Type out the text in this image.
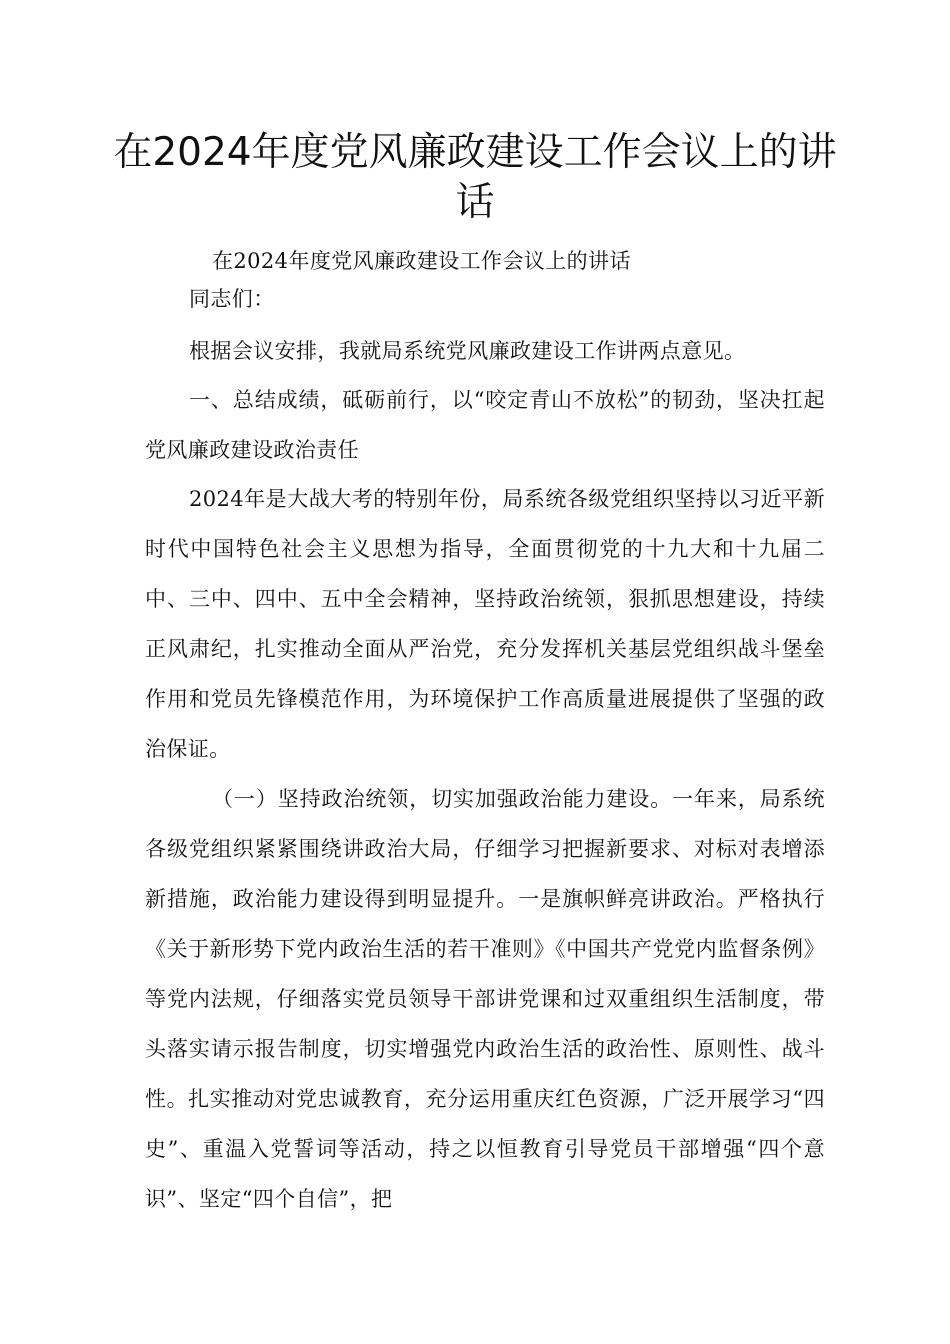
在2024年度党风廉政建设工作会议上的讲话

在2024年度党风廉政建设工作会议上的讲话

同志们：

根据会议安排，我就局系统党风廉政建设工作讲两点意见。

一、总结成绩，砥砺前行，以“咬定青山不放松”的韧劲，坚决扛起党风廉政建设政治责任

2024年是大战大考的特别年份，局系统各级党组织坚持以习近平新时代中国特色社会主义思想为指导，全面贯彻党的十九大和十九届二中、三中、四中、五中全会精神，坚持政治统领，狠抓思想建设，持续正风肃纪，扎实推动全面从严治党，充分发挥机关基层党组织战斗堡垒作用和党员先锋模范作用，为环境保护工作高质量进展提供了坚强的政治保证。

（一）坚持政治统领，切实加强政治能力建设。一年来，局系统各级党组织紧紧围绕讲政治大局，仔细学习把握新要求、对标对表增添新措施，政治能力建设得到明显提升。一是旗帜鲜亮讲政治。严格执行《关于新形势下党内政治生活的若干准则》《中国共产党党内监督条例》等党内法规，仔细落实党员领导干部讲党课和过双重组织生活制度，带头落实请示报告制度，切实增强党内政治生活的政治性、原则性、战斗性。扎实推动对党忠诚教育，充分运用重庆红色资源，广泛开展学习“四史”、重温入党誓词等活动，持之以恒教育引导党员干部增强“四个意识”、坚定“四个自信”，把
